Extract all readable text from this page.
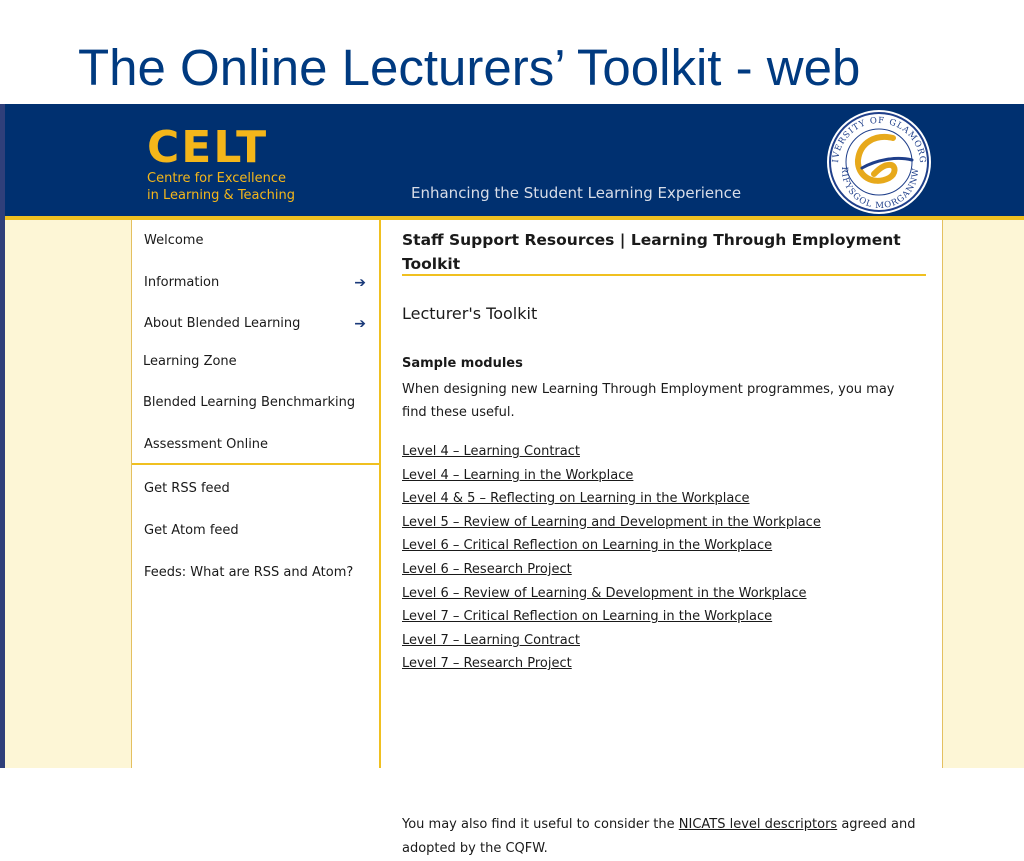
The Online Lecturers’ Toolkit - web
CELT
Centre for Excellence
in Learning & Teaching	Enhancing the Student Learning Experience
IVERSITY OF GLAMORG
RIFYSGOL MORGANNW
Welcome
Information	➔
About Blended Learning	➔
Learning Zone
Blended Learning Benchmarking
Assessment Online
Get RSS feed
Get Atom feed
Feeds: What are RSS and Atom?
Staff Support Resources | Learning Through Employment Toolkit
Lecturer's Toolkit
Sample modules
When designing new Learning Through Employment programmes, you may find these useful.
Level 4 – Learning Contract
Level 4 – Learning in the Workplace
Level 4 & 5 – Reflecting on Learning in the Workplace
Level 5 – Review of Learning and Development in the Workplace
Level 6 – Critical Reflection on Learning in the Workplace
Level 6 – Research Project
Level 6 – Review of Learning & Development in the Workplace
Level 7 – Critical Reflection on Learning in the Workplace
Level 7 – Learning Contract
Level 7 – Research Project
You may also find it useful to consider the NICATS level descriptors agreed and adopted by the CQFW.
